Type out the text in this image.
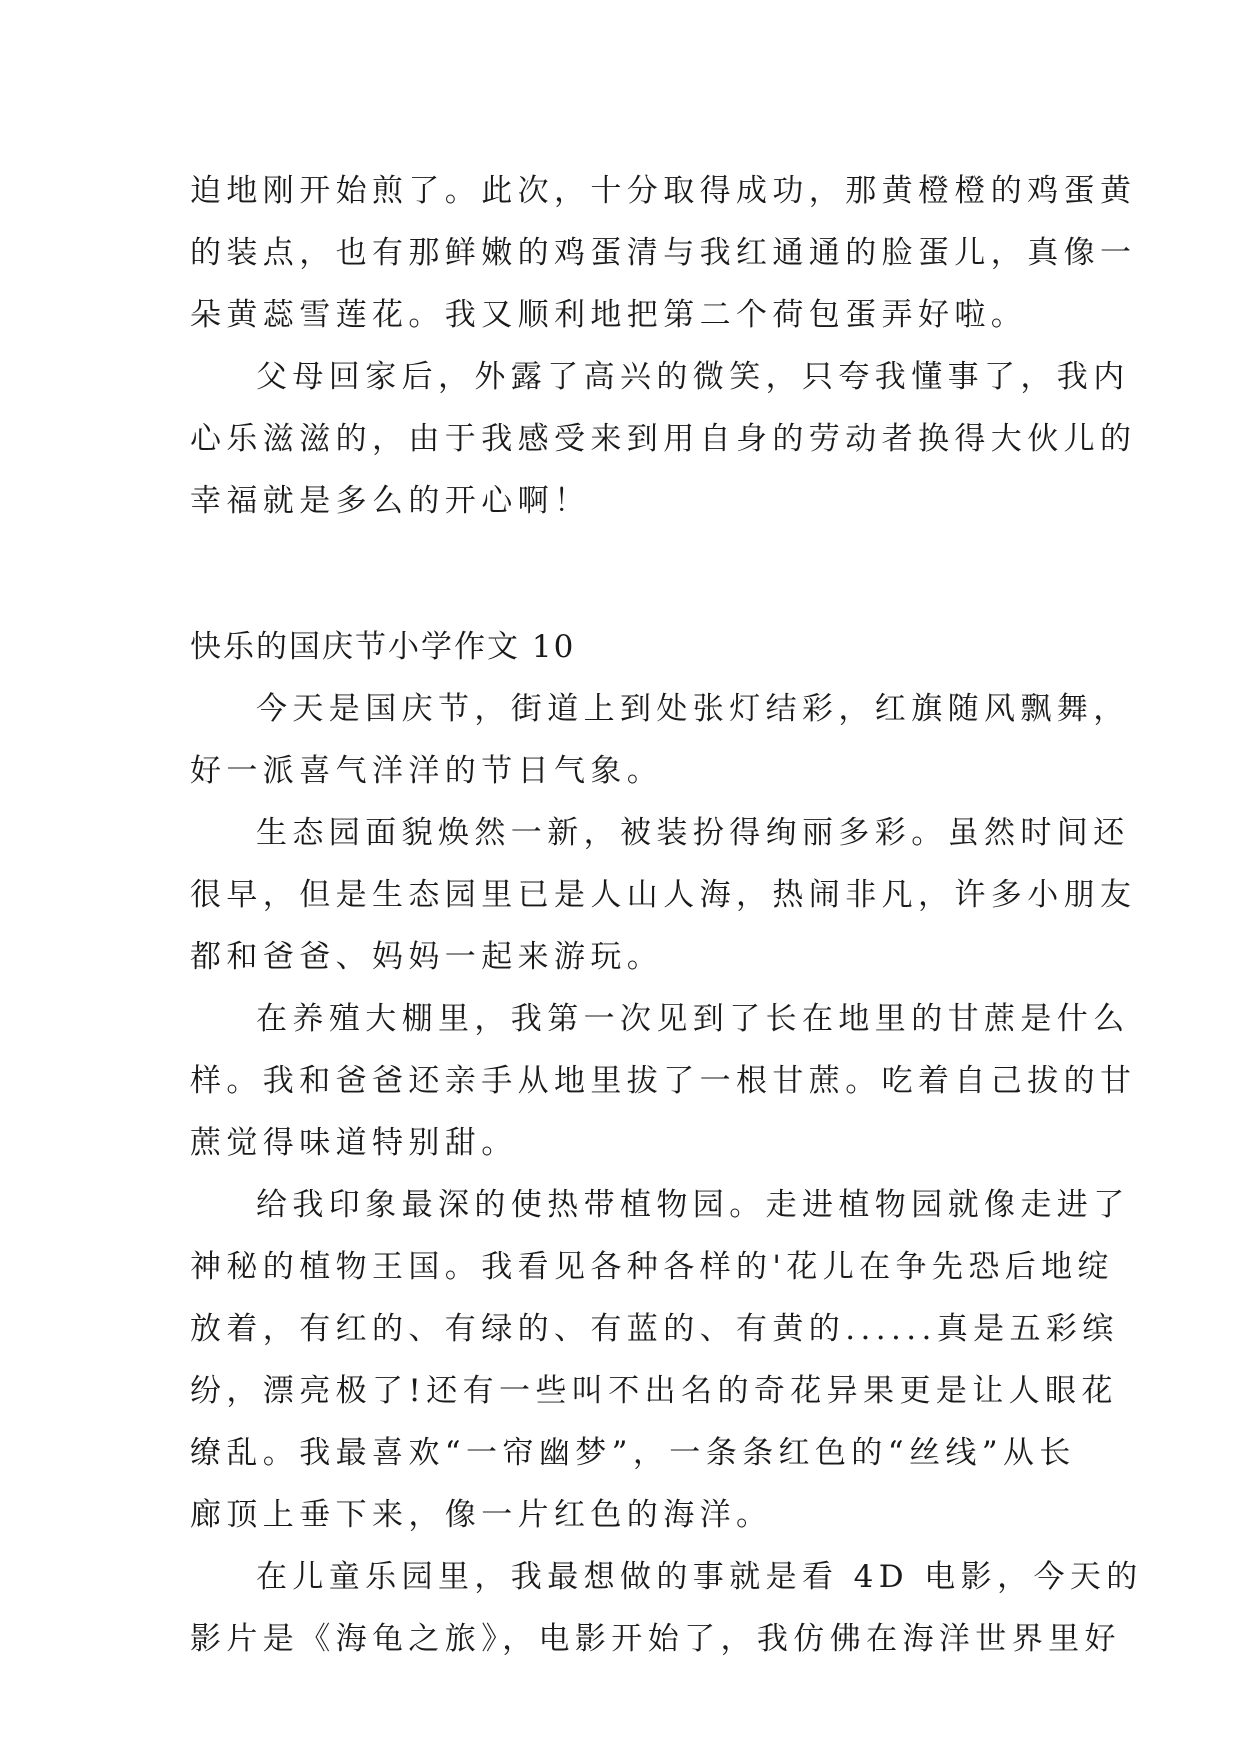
迫地刚开始煎了。此次，十分取得成功，那黄橙橙的鸡蛋黄
的装点，也有那鲜嫩的鸡蛋清与我红通通的脸蛋儿，真像一
朵黄蕊雪莲花。我又顺利地把第二个荷包蛋弄好啦。
父母回家后，外露了高兴的微笑，只夸我懂事了，我内
心乐滋滋的，由于我感受来到用自身的劳动者换得大伙儿的
幸福就是多么的开心啊！
快乐的国庆节小学作文 10
今天是国庆节，街道上到处张灯结彩，红旗随风飘舞，
好一派喜气洋洋的节日气象。
生态园面貌焕然一新，被装扮得绚丽多彩。虽然时间还
很早，但是生态园里已是人山人海，热闹非凡，许多小朋友
都和爸爸、妈妈一起来游玩。
在养殖大棚里，我第一次见到了长在地里的甘蔗是什么
样。我和爸爸还亲手从地里拔了一根甘蔗。吃着自己拔的甘
蔗觉得味道特别甜。
给我印象最深的使热带植物园。走进植物园就像走进了
神秘的植物王国。我看见各种各样的'花儿在争先恐后地绽
放着，有红的、有绿的、有蓝的、有黄的......真是五彩缤
纷，漂亮极了!还有一些叫不出名的奇花异果更是让人眼花
缭乱。我最喜欢“一帘幽梦”，一条条红色的“丝线”从长
廊顶上垂下来，像一片红色的海洋。
在儿童乐园里，我最想做的事就是看 4D 电影，今天的
影片是《海龟之旅》，电影开始了，我仿佛在海洋世界里好
